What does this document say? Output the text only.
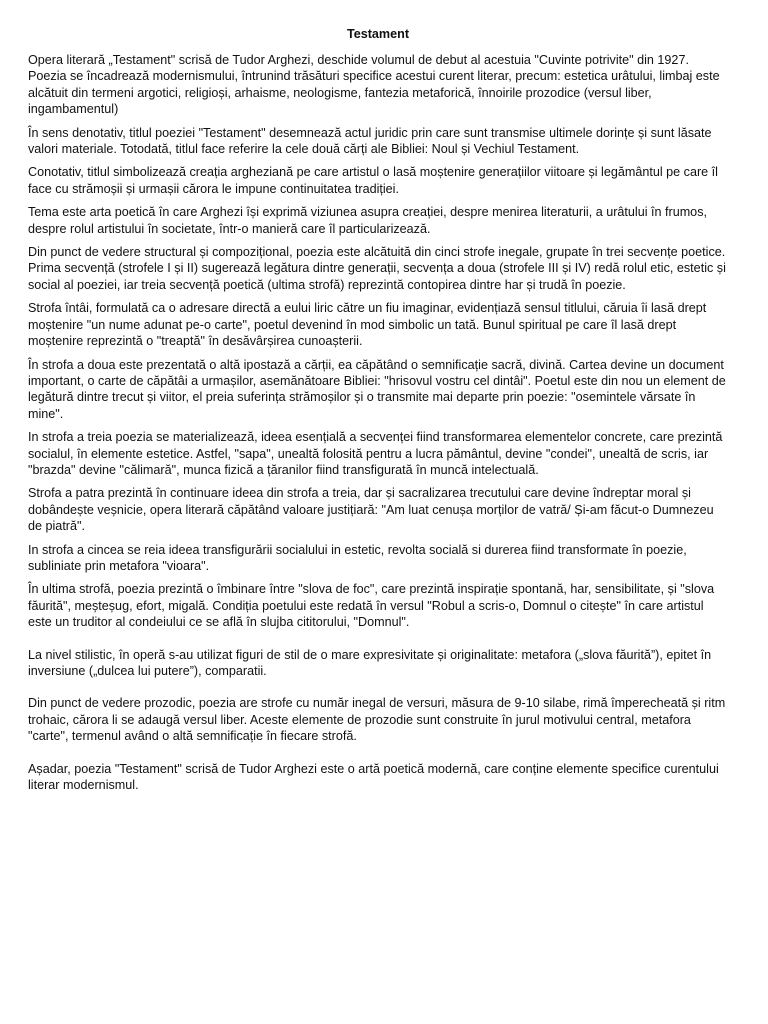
Testament

Opera literară „Testament" scrisă de Tudor Arghezi, deschide volumul de debut al acestuia "Cuvinte potrivite" din 1927. Poezia se încadrează modernismului, întrunind trăsături specifice acestui curent literar, precum: estetica urâtului, limbaj este alcătuit din termeni argotici, religioși, arhaisme, neologisme, fantezia metaforică, înnoirile prozodice (versul liber, ingambamentul)

În sens denotativ, titlul poeziei "Testament" desemnează actul juridic prin care sunt transmise ultimele dorințe și sunt lăsate valori materiale. Totodată, titlul face referire la cele două cărți ale Bibliei: Noul și Vechiul Testament.

Conotativ, titlul simbolizează creația argheziană pe care artistul o lasă moștenire generațiilor viitoare și legământul pe care îl face cu strămoșii și urmașii cărora le impune continuitatea tradiției.

Tema este arta poetică în care Arghezi își exprimă viziunea asupra creației, despre menirea literaturii, a urâtului în frumos, despre rolul artistului în societate, într-o manieră care îl particularizează.

Din punct de vedere structural și compozițional, poezia este alcătuită din cinci strofe inegale, grupate în trei secvențe poetice. Prima secvență (strofele I și II) sugerează legătura dintre generații, secvența a doua (strofele III și IV) redă rolul etic, estetic și social al poeziei, iar treia secvență poetică (ultima strofă) reprezintă contopirea dintre har și trudă în poezie.

Strofa întâi, formulată ca o adresare directă a eului liric către un fiu imaginar, evidențiază sensul titlului, căruia îi lasă drept moștenire "un nume adunat pe-o carte", poetul devenind în mod simbolic un tată. Bunul spiritual pe care îl lasă drept moștenire reprezintă o "treaptă" în desăvârșirea cunoașterii.

În strofa a doua este prezentată o altă ipostază a cărții, ea căpătând o semnificație sacră, divină. Cartea devine un document important, o carte de căpătâi a urmașilor, asemănătoare Bibliei: "hrisovul vostru cel dintâi". Poetul este din nou un element de legătură dintre trecut și viitor, el preia suferința strămoșilor și o transmite mai departe prin poezie: "osemintele vărsate în mine".

In strofa a treia poezia se materializează, ideea esențială a secvenței fiind transformarea elementelor concrete, care prezintă socialul, în elemente estetice. Astfel, "sapa", unealtă folosită pentru a lucra pământul, devine "condei", unealtă de scris, iar "brazda" devine "călimară", munca fizică a țăranilor fiind transfigurată în muncă intelectuală.

Strofa a patra prezintă în continuare ideea din strofa a treia, dar și sacralizarea trecutului care devine îndreptar moral și dobândește veșnicie, opera literară căpătând valoare justițiară: "Am luat cenușa morților de vatră/ Și-am făcut-o Dumnezeu de piatră".

In strofa a cincea se reia ideea transfigurării socialului in estetic, revolta socială si durerea fiind transformate în poezie, subliniate prin metafora "vioara".

În ultima strofă, poezia prezintă o îmbinare între "slova de foc", care prezintă inspirație spontană, har, sensibilitate, și "slova făurită", meșteșug, efort, migală. Condiția poetului este redată în versul "Robul a scris-o, Domnul o citește" în care artistul este un truditor al condeiului ce se află în slujba cititorului, "Domnul".

La nivel stilistic, în operă s-au utilizat figuri de stil de o mare expresivitate și originalitate: metafora („slova făurită”), epitet în inversiune („dulcea lui putere”), comparatii.

Din punct de vedere prozodic, poezia are strofe cu număr inegal de versuri, măsura de 9-10 silabe, rimă împerecheată și ritm trohaic, cărora li se adaugă versul liber. Aceste elemente de prozodie sunt construite în jurul motivului central, metafora "carte", termenul având o altă semnificație în fiecare strofă.

Așadar, poezia "Testament" scrisă de Tudor Arghezi este o artă poetică modernă, care conține elemente specifice curentului literar modernismul.
